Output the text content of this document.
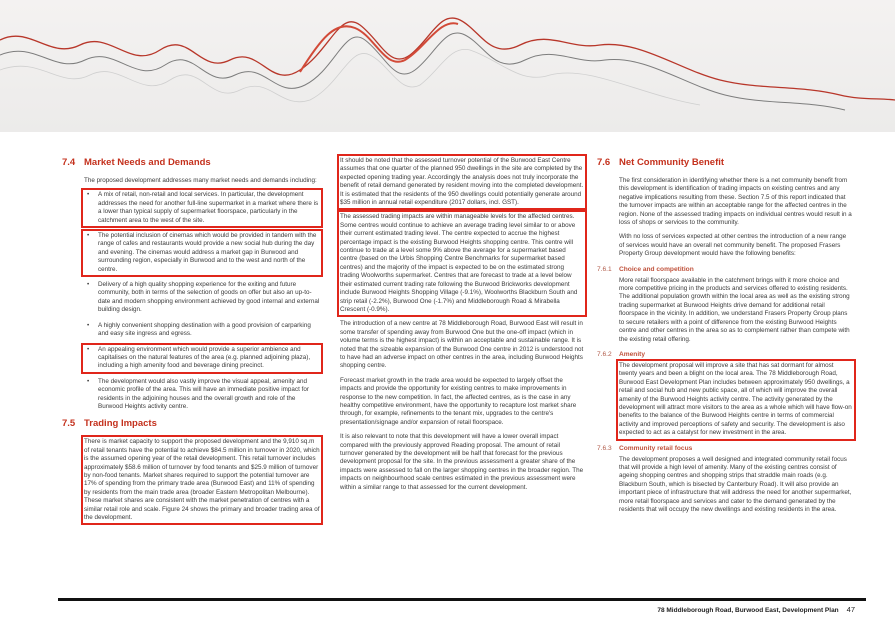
7.4 Market Needs and Demands

The proposed development addresses many market needs and demands including:

• A mix of retail, non-retail and local services. In particular, the development addresses the need for another full-line supermarket in a market where there is a lower than typical supply of supermarket floorspace, particularly in the catchment area to the west of the site.
• The potential inclusion of cinemas which would be provided in tandem with the range of cafes and restaurants would provide a new social hub during the day and evening. The cinemas would address a market gap in Burwood and surrounding region, especially in Burwood and to the west and north of the centre.
• Delivery of a high quality shopping experience for the exiting and future community, both in terms of the selection of goods on offer but also an up-to-date and modern shopping environment achieved by good internal and external building design.
• A highly convenient shopping destination with a good provision of carparking and easy site ingress and egress.
• An appealing environment which would provide a superior ambience and capitalises on the natural features of the area (e.g. planned adjoining plaza), including a high amenity food and beverage dining precinct.
• The development would also vastly improve the visual appeal, amenity and economic profile of the area. This will have an immediate positive impact for residents in the adjoining houses and the overall growth and role of the Burwood Heights activity centre.
7.5 Trading Impacts

There is market capacity to support the proposed development and the 9,910 sq.m of retail tenants have the potential to achieve $84.5 million in turnover in 2020, which is the assumed opening year of the retail development. This retail turnover includes approximately $58.6 million of turnover by food tenants and $25.9 million of turnover by non-food tenants. Market shares required to support the potential turnover are 17% of spending from the primary trade area (Burwood East) and 11% of spending by residents from the main trade area (broader Eastern Metropolitan Melbourne). These market shares are consistent with the market penetration of centres with a similar retail role and scale. Figure 24 shows the primary and broader trading area of the development.

It should be noted that the assessed turnover potential of the Burwood East Centre assumes that one quarter of the planned 950 dwellings in the site are completed by the expected opening trading year. Accordingly the analysis does not truly incorporate the benefit of retail demand generated by resident moving into the completed development. It is estimated that the residents of the 950 dwellings could potentially generate around $35 million in annual retail expenditure (2017 dollars, incl. GST).

The assessed trading impacts are within manageable levels for the affected centres. Some centres would continue to achieve an average trading level similar to or above their current estimated trading level. The centre expected to accrue the highest percentage impact is the existing Burwood Heights shopping centre. This centre will continue to trade at a level some 9% above the average for a supermarket based centre (based on the Urbis Shopping Centre Benchmarks for supermarket based centres) and the majority of the impact is expected to be on the estimated strong trading Woolworths supermarket. Centres that are forecast to trade at a level below their estimated current trading rate following the Burwood Brickworks development include Burwood Heights Shopping Village (-9.1%), Woolworths Blackburn South and strip retail (-2.2%), Burwood One (-1.7%) and Middleborough Road & Mirabella Crescent (-0.9%).

The introduction of a new centre at 78 Middleborough Road, Burwood East will result in some transfer of spending away from Burwood One but the one-off impact (which in volume terms is the highest impact) is within an acceptable and sustainable range. It is noted that the sizeable expansion of the Burwood One centre in 2012 is understood not to have had an adverse impact on other centres in the area, including Burwood Heights shopping centre.

Forecast market growth in the trade area would be expected to largely offset the impacts and provide the opportunity for existing centres to make improvements in response to the new competition. In fact, the affected centres, as is the case in any healthy competitive environment, have the opportunity to recapture lost market share through, for example, refinements to the tenant mix, upgrades to the centre's presentation/signage and/or expansion of retail floorspace.

It is also relevant to note that this development will have a lower overall impact compared with the previously approved Reading proposal. The amount of retail turnover generated by the development will be half that forecast for the previous development proposal for the site. In the previous assessment a greater share of the impacts were assessed to fall on the larger shopping centres in the broader region. The impacts on neighbourhood scale centres estimated in the previous assessment were within a similar range to that assessed for the current development.

7.6 Net Community Benefit

The first consideration in identifying whether there is a net community benefit from this development is identification of trading impacts on existing centres and any negative implications resulting from these. Section 7.5 of this report indicated that the turnover impacts are within an acceptable range for the affected centres in the region. None of the assessed trading impacts on individual centres would result in a loss of shops or services to the community.

With no loss of services expected at other centres the introduction of a new range of services would have an overall net community benefit. The proposed Frasers Property Group development would have the following benefits:

7.6.1 Choice and competition

More retail floorspace available in the catchment brings with it more choice and more competitive pricing in the products and services offered to existing residents. The additional population growth within the local area as well as the existing strong trading supermarket at Burwood Heights drive demand for additional retail floorspace in the vicinity. In addition, we understand Frasers Property Group plans to secure retailers with a point of difference from the existing Burwood Heights centre and other centres in the area so as to complement rather than compete with the existing retail offering.

7.6.2 Amenity

The development proposal will improve a site that has sat dormant for almost twenty years and been a blight on the local area. The 78 Middleborough Road, Burwood East Development Plan includes between approximately 950 dwellings, a retail and social hub and new public space, all of which will improve the overall amenity of the Burwood Heights activity centre. The activity generated by the development will attract more visitors to the area as a whole which will have flow-on benefits to the balance of the Burwood Heights centre in terms of commercial activity and improved perceptions of safety and security. The development is also expected to act as a catalyst for new investment in the area.

7.6.3 Community retail focus

The development proposes a well designed and integrated community retail focus that will provide a high level of amenity. Many of the existing centres consist of ageing shopping centres and shopping strips that straddle main roads (e.g. Blackburn South, which is bisected by Canterbury Road). It will also provide an important piece of infrastructure that will address the need for another supermarket, more retail floorspace and services and cater to the demand generated by the residents that will occupy the new dwellings and existing residents in the area.

78 Middleborough Road, Burwood East, Development Plan 47
